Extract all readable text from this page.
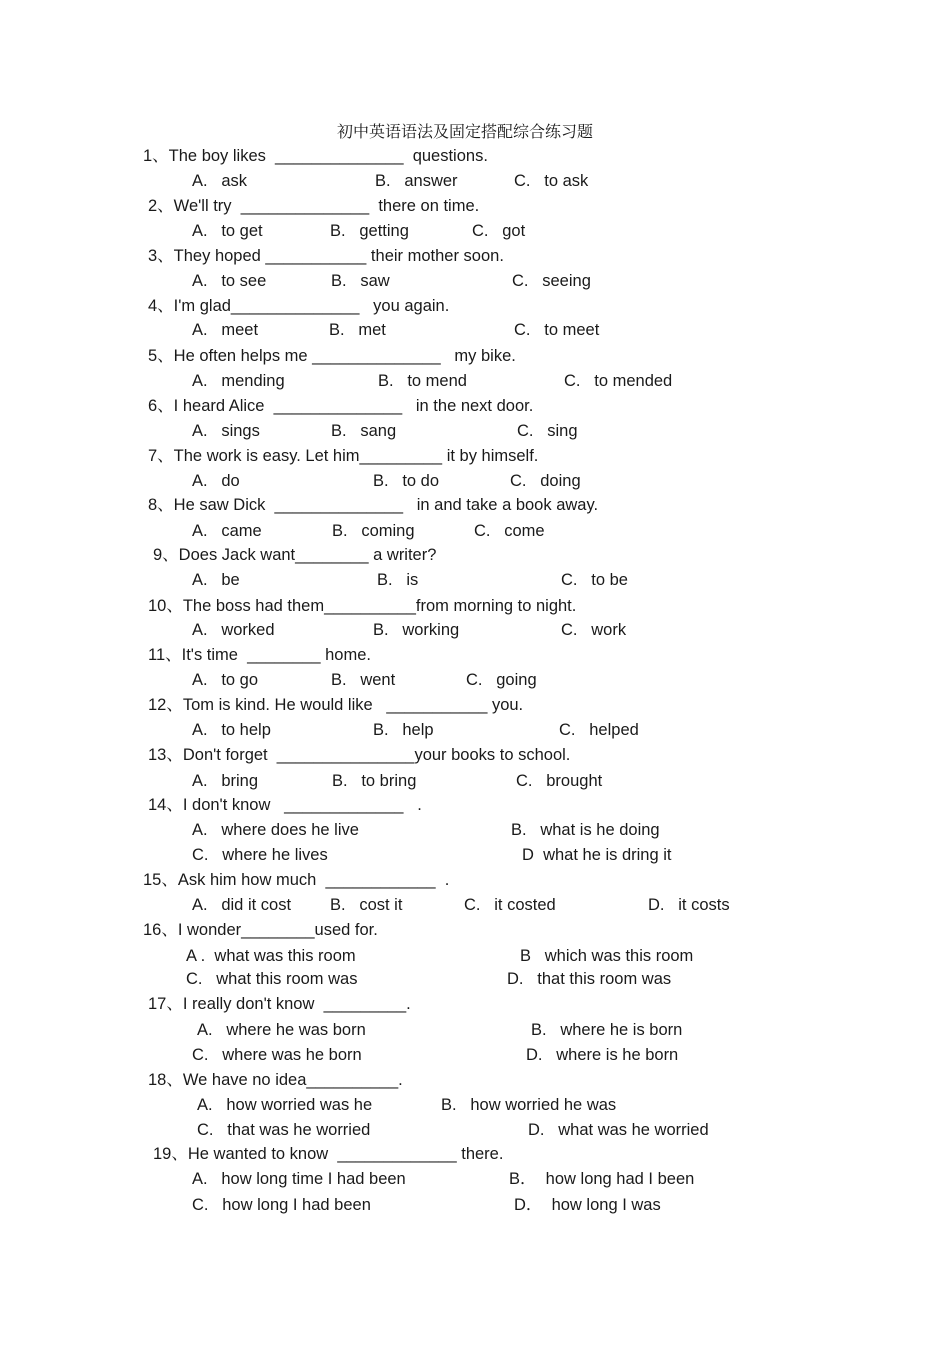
初中英语语法及固定搭配综合练习题
1、The boy likes  ______________  questions.
A.   ask	B.   answer	C.   to ask
2、We'll try  ______________  there on time.
A.   to get	B.   getting	C.   got
3、They hoped ___________ their mother soon.
A.   to see	B.   saw	C.   seeing
4、I'm glad______________   you again.
A.   meet	B.   met	C.   to meet
5、He often helps me ______________   my bike.
A.   mending	B.   to mend	C.   to mended
6、I heard Alice  ______________   in the next door.
A.   sings	B.   sang	C.   sing
7、The work is easy. Let him_________ it by himself.
A.   do	B.   to do	C.   doing
8、He saw Dick  ______________   in and take a book away.
A.   came	B.   coming	C.   come
9、Does Jack want________ a writer?
A.   be	B.   is	C.   to be
10、The boss had them__________from morning to night.
A.   worked	B.   working	C.   work
11、It's time  ________ home.
A.   to go	B.   went	C.   going
12、Tom is kind. He would like   ___________ you.
A.   to help	B.   help	C.   helped
13、Don't forget  _______________your books to school.
A.   bring	B.   to bring	C.   brought
14、I don't know   _____________   .
A.   where does he live	B.   what is he doing
C.   where he lives	D  what he is dring it
15、Ask him how much  ____________  .
A.   did it cost B.   cost it	C.   it costed	D.   it costs
16、I wonder________used for.
A .  what was this room	B   which was this room
C.   what this room was	D.   that this room was
17、I really don't know  _________.
A.   where he was born	B.   where he is born
C.   where was he born	D.   where is he born
18、We have no idea__________.
A.   how worried was he	B.   how worried he was
C.   that was he worried	D.   what was he worried
19、He wanted to know  _____________ there.
A.   how long time I had been	B．  how long had I been
C.   how long I had been	D．  how long I was
